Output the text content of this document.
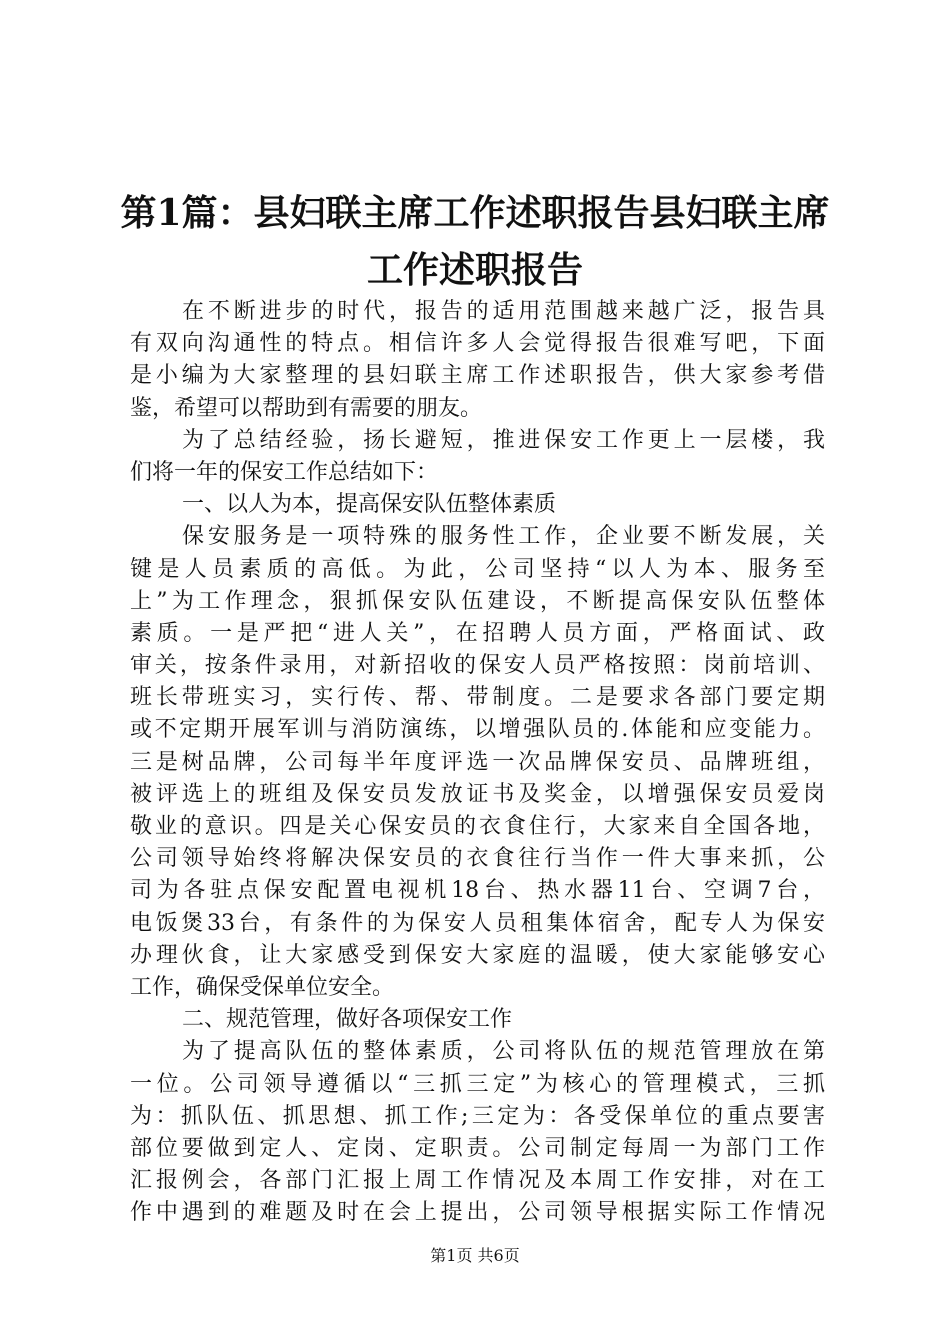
第1篇：县妇联主席工作述职报告县妇联主席
工作述职报告
在不断进步的时代，报告的适用范围越来越广泛，报告具
有双向沟通性的特点。相信许多人会觉得报告很难写吧，下面
是小编为大家整理的县妇联主席工作述职报告，供大家参考借
鉴，希望可以帮助到有需要的朋友。
为了总结经验，扬长避短，推进保安工作更上一层楼，我
们将一年的保安工作总结如下：
一、以人为本，提高保安队伍整体素质
保安服务是一项特殊的服务性工作，企业要不断发展，关
键是人员素质的高低。为此，公司坚持“以人为本、服务至
上”为工作理念，狠抓保安队伍建设，不断提高保安队伍整体
素质。一是严把“进人关”，在招聘人员方面，严格面试、政
审关，按条件录用，对新招收的保安人员严格按照：岗前培训、
班长带班实习，实行传、帮、带制度。二是要求各部门要定期
或不定期开展军训与消防演练，以增强队员的.体能和应变能力。
三是树品牌，公司每半年度评选一次品牌保安员、品牌班组，
被评选上的班组及保安员发放证书及奖金，以增强保安员爱岗
敬业的意识。四是关心保安员的衣食住行，大家来自全国各地，
公司领导始终将解决保安员的衣食往行当作一件大事来抓，公
司为各驻点保安配置电视机18台、热水器11台、空调7台，
电饭煲33台，有条件的为保安人员租集体宿舍，配专人为保安
办理伙食，让大家感受到保安大家庭的温暖，使大家能够安心
工作，确保受保单位安全。
二、规范管理，做好各项保安工作
为了提高队伍的整体素质，公司将队伍的规范管理放在第
一位。公司领导遵循以“三抓三定”为核心的管理模式，三抓
为：抓队伍、抓思想、抓工作;三定为：各受保单位的重点要害
部位要做到定人、定岗、定职责。公司制定每周一为部门工作
汇报例会，各部门汇报上周工作情况及本周工作安排，对在工
作中遇到的难题及时在会上提出，公司领导根据实际工作情况
第1页 共6页
